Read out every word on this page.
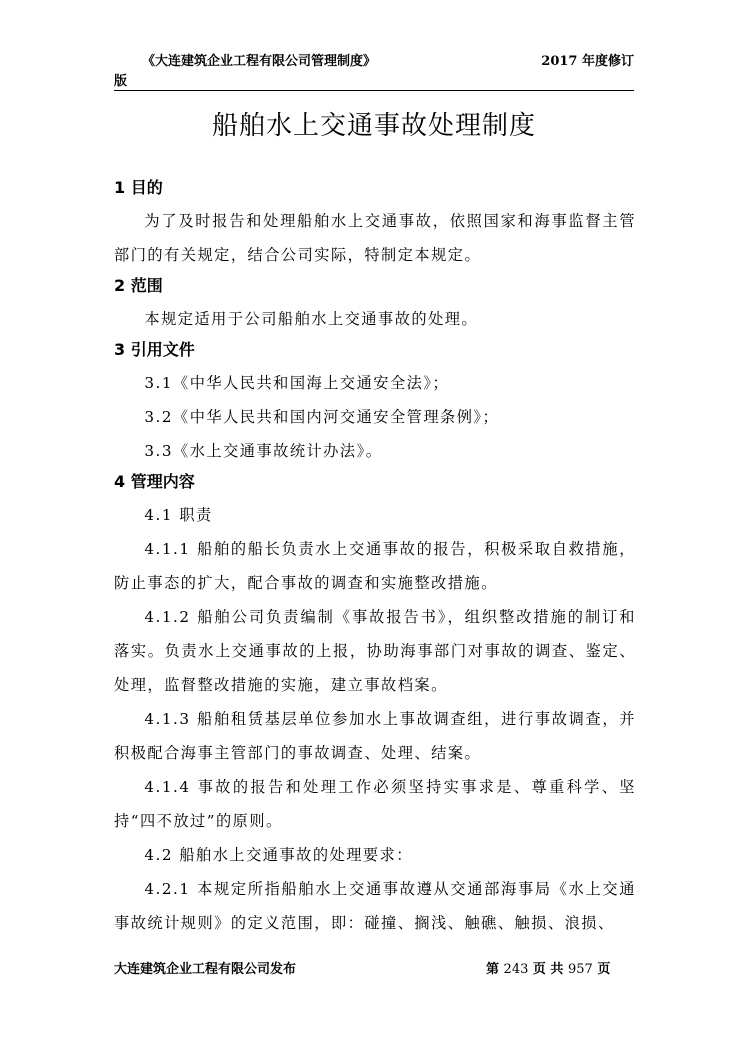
《大连建筑企业工程有限公司管理制度》	2017 年度修订
版
船舶水上交通事故处理制度
1 目的
为了及时报告和处理船舶水上交通事故，依照国家和海事监督主管部门的有关规定，结合公司实际，特制定本规定。
2 范围
本规定适用于公司船舶水上交通事故的处理。
3 引用文件
3.1《中华人民共和国海上交通安全法》；
3.2《中华人民共和国内河交通安全管理条例》；
3.3《水上交通事故统计办法》。
4 管理内容
4.1 职责
4.1.1 船舶的船长负责水上交通事故的报告，积极采取自救措施，防止事态的扩大，配合事故的调查和实施整改措施。
4.1.2 船舶公司负责编制《事故报告书》，组织整改措施的制订和落实。负责水上交通事故的上报，协助海事部门对事故的调查、鉴定、处理，监督整改措施的实施，建立事故档案。
4.1.3 船舶租赁基层单位参加水上事故调查组，进行事故调查，并积极配合海事主管部门的事故调查、处理、结案。
4.1.4 事故的报告和处理工作必须坚持实事求是、尊重科学、坚持“四不放过”的原则。
4.2 船舶水上交通事故的处理要求：
4.2.1 本规定所指船舶水上交通事故遵从交通部海事局《水上交通事故统计规则》的定义范围，即：碰撞、搁浅、触礁、触损、浪损、
大连建筑企业工程有限公司发布	第 243 页 共 957 页
